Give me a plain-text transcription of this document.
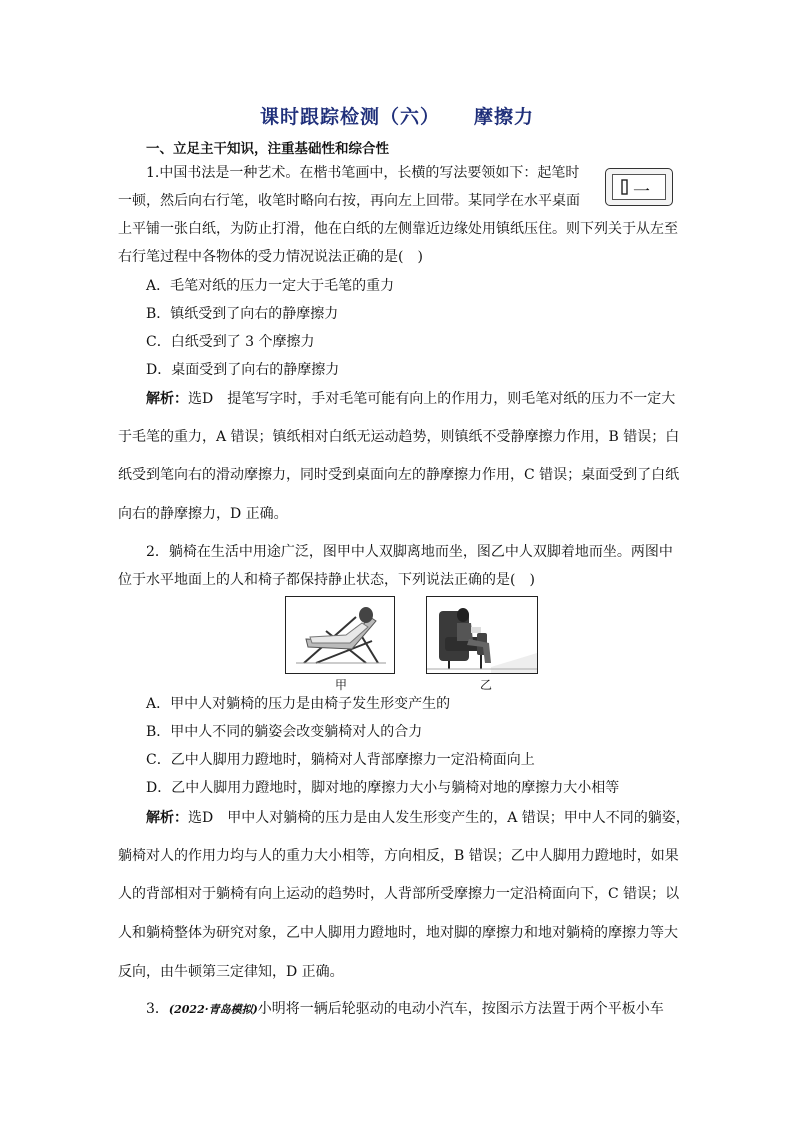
课时跟踪检测（六） 摩擦力
一、立足主干知识，注重基础性和综合性
1.中国书法是一种艺术。在楷书笔画中，长横的写法要领如下：起笔时
一顿，然后向右行笔，收笔时略向右按，再向左上回带。某同学在水平桌面
上平铺一张白纸，为防止打滑，他在白纸的左侧靠近边缘处用镇纸压住。则下列关于从左至
右行笔过程中各物体的受力情况说法正确的是(　)
一
A．毛笔对纸的压力一定大于毛笔的重力
B．镇纸受到了向右的静摩擦力
C．白纸受到了 3 个摩擦力
D．桌面受到了向右的静摩擦力
解析：选D　提笔写字时，手对毛笔可能有向上的作用力，则毛笔对纸的压力不一定大
于毛笔的重力，A 错误；镇纸相对白纸无运动趋势，则镇纸不受静摩擦力作用，B 错误；白
纸受到笔向右的滑动摩擦力，同时受到桌面向左的静摩擦力作用，C 错误；桌面受到了白纸
向右的静摩擦力，D 正确。
2．躺椅在生活中用途广泛，图甲中人双脚离地而坐，图乙中人双脚着地而坐。两图中
位于水平地面上的人和椅子都保持静止状态，下列说法正确的是(　)
甲	乙
A．甲中人对躺椅的压力是由椅子发生形变产生的
B．甲中人不同的躺姿会改变躺椅对人的合力
C．乙中人脚用力蹬地时，躺椅对人背部摩擦力一定沿椅面向上
D．乙中人脚用力蹬地时，脚对地的摩擦力大小与躺椅对地的摩擦力大小相等
解析：选D　甲中人对躺椅的压力是由人发生形变产生的，A 错误；甲中人不同的躺姿，
躺椅对人的作用力均与人的重力大小相等，方向相反，B 错误；乙中人脚用力蹬地时，如果
人的背部相对于躺椅有向上运动的趋势时，人背部所受摩擦力一定沿椅面向下，C 错误；以
人和躺椅整体为研究对象，乙中人脚用力蹬地时，地对脚的摩擦力和地对躺椅的摩擦力等大
反向，由牛顿第三定律知，D 正确。
3．(2022·青岛模拟)小明将一辆后轮驱动的电动小汽车，按图示方法置于两个平板小车
